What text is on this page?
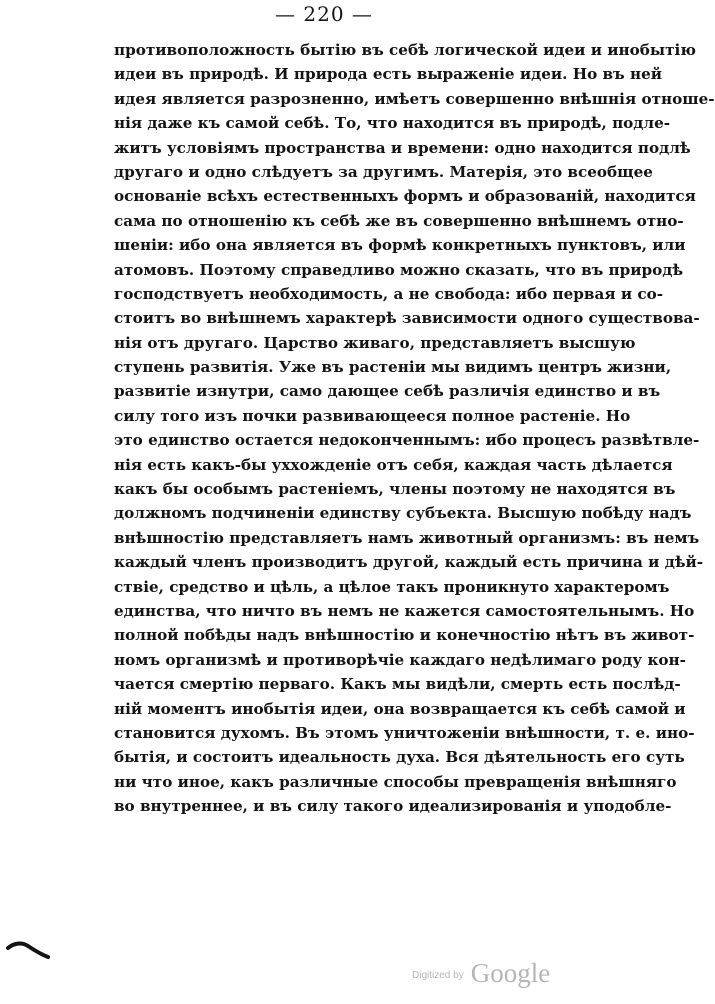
— 220 —
противоположность бытію въ себѣ логической идеи и инобытію
идеи въ природѣ. И природа есть выраженіе идеи. Но въ ней
идея является разрозненно, имѣетъ совершенно внѣшнія отноше-
нія даже къ самой себѣ. То, что находится въ природѣ, подле-
житъ условіямъ пространства и времени: одно находится подлѣ
другаго и одно слѣдуетъ за другимъ. Матерія, это всеобщее
основаніе всѣхъ естественныхъ формъ и образованій, находится
сама по отношенію къ себѣ же въ совершенно внѣшнемъ отно-
шеніи: ибо она является въ формѣ конкретныхъ пунктовъ, или
атомовъ. Поэтому справедливо можно сказать, что въ природѣ
господствуетъ необходимость, а не свобода: ибо первая и со-
стоитъ во внѣшнемъ характерѣ зависимости одного существова-
нія отъ другаго. Царство живаго, представляетъ высшую
ступень развитія. Уже въ растеніи мы видимъ центръ жизни,
развитіе изнутри, само дающее себѣ различія единство и въ
силу того изъ почки развивающееся полное растеніе. Но
это единство остается недоконченнымъ: ибо процесъ развѣтвле-
нія есть какъ-бы уххожденіе отъ себя, каждая часть дѣлается
какъ бы особымъ растеніемъ, члены поэтому не находятся въ
должномъ подчиненіи единству субъекта. Высшую побѣду надъ
внѣшностію представляетъ намъ животный организмъ: въ немъ
каждый членъ производитъ другой, каждый есть причина и дѣй-
ствіе, средство и цѣль, а цѣлое такъ проникнуто характеромъ
единства, что ничто въ немъ не кажется самостоятельнымъ. Но
полной побѣды надъ внѣшностію и конечностію нѣтъ въ живот-
номъ организмѣ и противорѣчіе каждаго недѣлимаго роду кон-
чается смертію перваго. Какъ мы видѣли, смерть есть послѣд-
ній моментъ инобытія идеи, она возвращается къ себѣ самой и
становится духомъ. Въ этомъ уничтоженіи внѣшности, т. е. ино-
бытія, и состоитъ идеальность духа. Вся дѣятельность его суть
ни что иное, какъ различные способы превращенія внѣшняго
во внутреннее, и въ силу такого идеализированія и уподобле-
$^{Digitized by}$ Google
